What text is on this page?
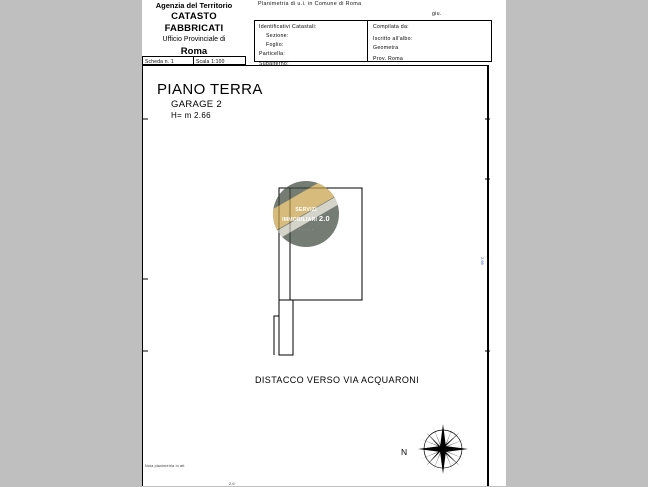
Agenzia del Territorio
CATASTO FABBRICATI
Ufficio Provinciale di
Roma
Planimetria di u.i. in Comune di Roma
giu.
Identificativi Catastali:
Sezione:
Foglio:
Particella:
Subalterno:
Compilata da:
Iscritto all'albo:
Geometra
Prov. Roma
Scheda n. 1	Scala 1:100
PIANO TERRA
GARAGE 2
H= m 2.66
SERVIZI
IMMOBILIARI 2.0
· · · · ·
2.66
DISTACCO VERSO VIA ACQUARONI
N
Nota planimetria in att
2.6
